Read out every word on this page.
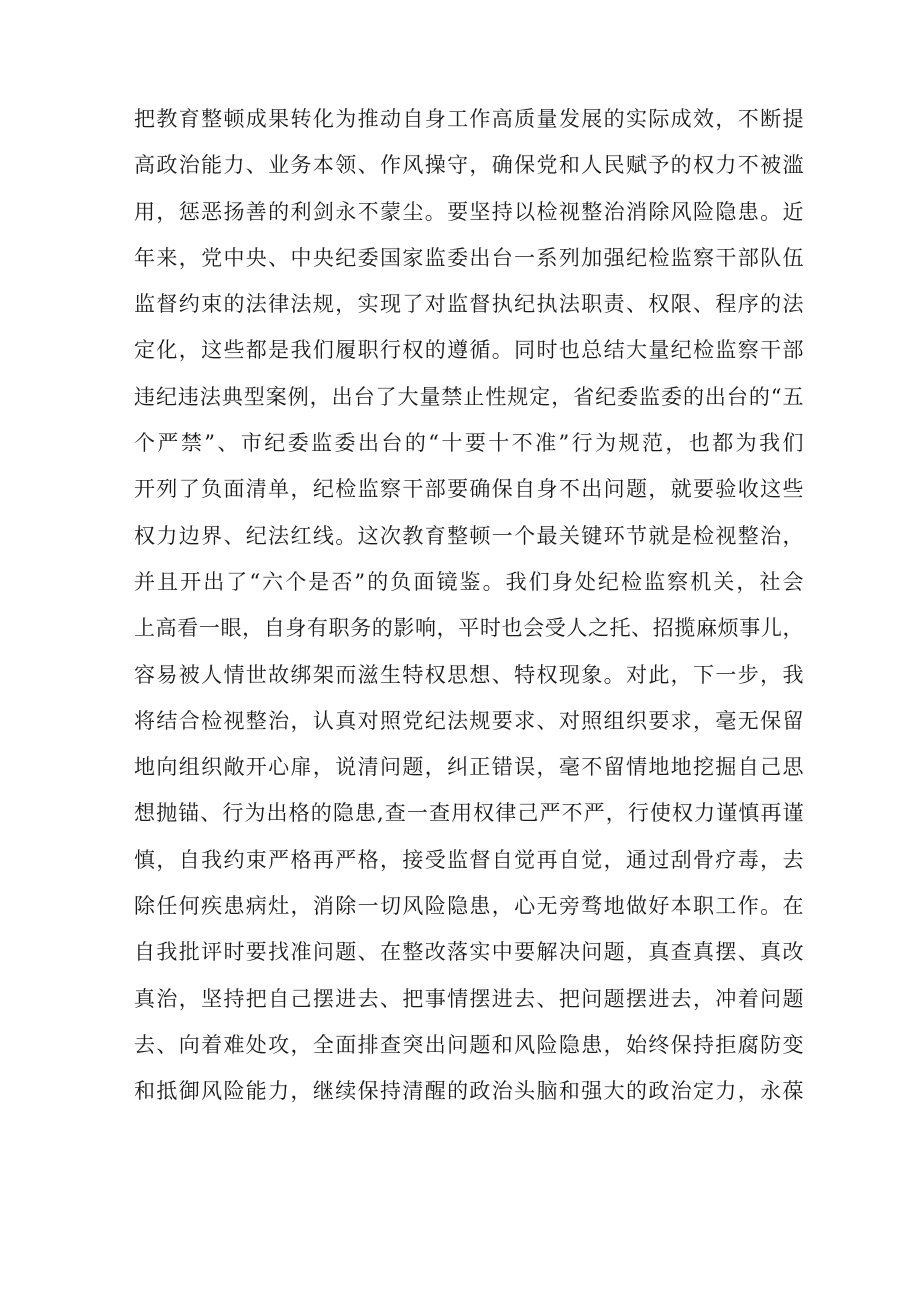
把教育整顿成果转化为推动自身工作高质量发展的实际成效，不断提
高政治能力、业务本领、作风操守，确保党和人民赋予的权力不被滥
用，惩恶扬善的利剑永不蒙尘。要坚持以检视整治消除风险隐患。近
年来，党中央、中央纪委国家监委出台一系列加强纪检监察干部队伍
监督约束的法律法规，实现了对监督执纪执法职责、权限、程序的法
定化，这些都是我们履职行权的遵循。同时也总结大量纪检监察干部
违纪违法典型案例，出台了大量禁止性规定，省纪委监委的出台的“五
个严禁”、市纪委监委出台的“十要十不准”行为规范，也都为我们
开列了负面清单，纪检监察干部要确保自身不出问题，就要验收这些
权力边界、纪法红线。这次教育整顿一个最关键环节就是检视整治，
并且开出了“六个是否”的负面镜鉴。我们身处纪检监察机关，社会
上高看一眼，自身有职务的影响，平时也会受人之托、招揽麻烦事儿，
容易被人情世故绑架而滋生特权思想、特权现象。对此，下一步，我
将结合检视整治，认真对照党纪法规要求、对照组织要求，毫无保留
地向组织敞开心扉，说清问题，纠正错误，毫不留情地地挖掘自己思
想抛锚、行为出格的隐患,查一查用权律己严不严，行使权力谨慎再谨
慎，自我约束严格再严格，接受监督自觉再自觉，通过刮骨疗毒，去
除任何疾患病灶，消除一切风险隐患，心无旁骛地做好本职工作。在
自我批评时要找准问题、在整改落实中要解决问题，真查真摆、真改
真治，坚持把自己摆进去、把事情摆进去、把问题摆进去，冲着问题
去、向着难处攻，全面排查突出问题和风险隐患，始终保持拒腐防变
和抵御风险能力，继续保持清醒的政治头脑和强大的政治定力，永葆
